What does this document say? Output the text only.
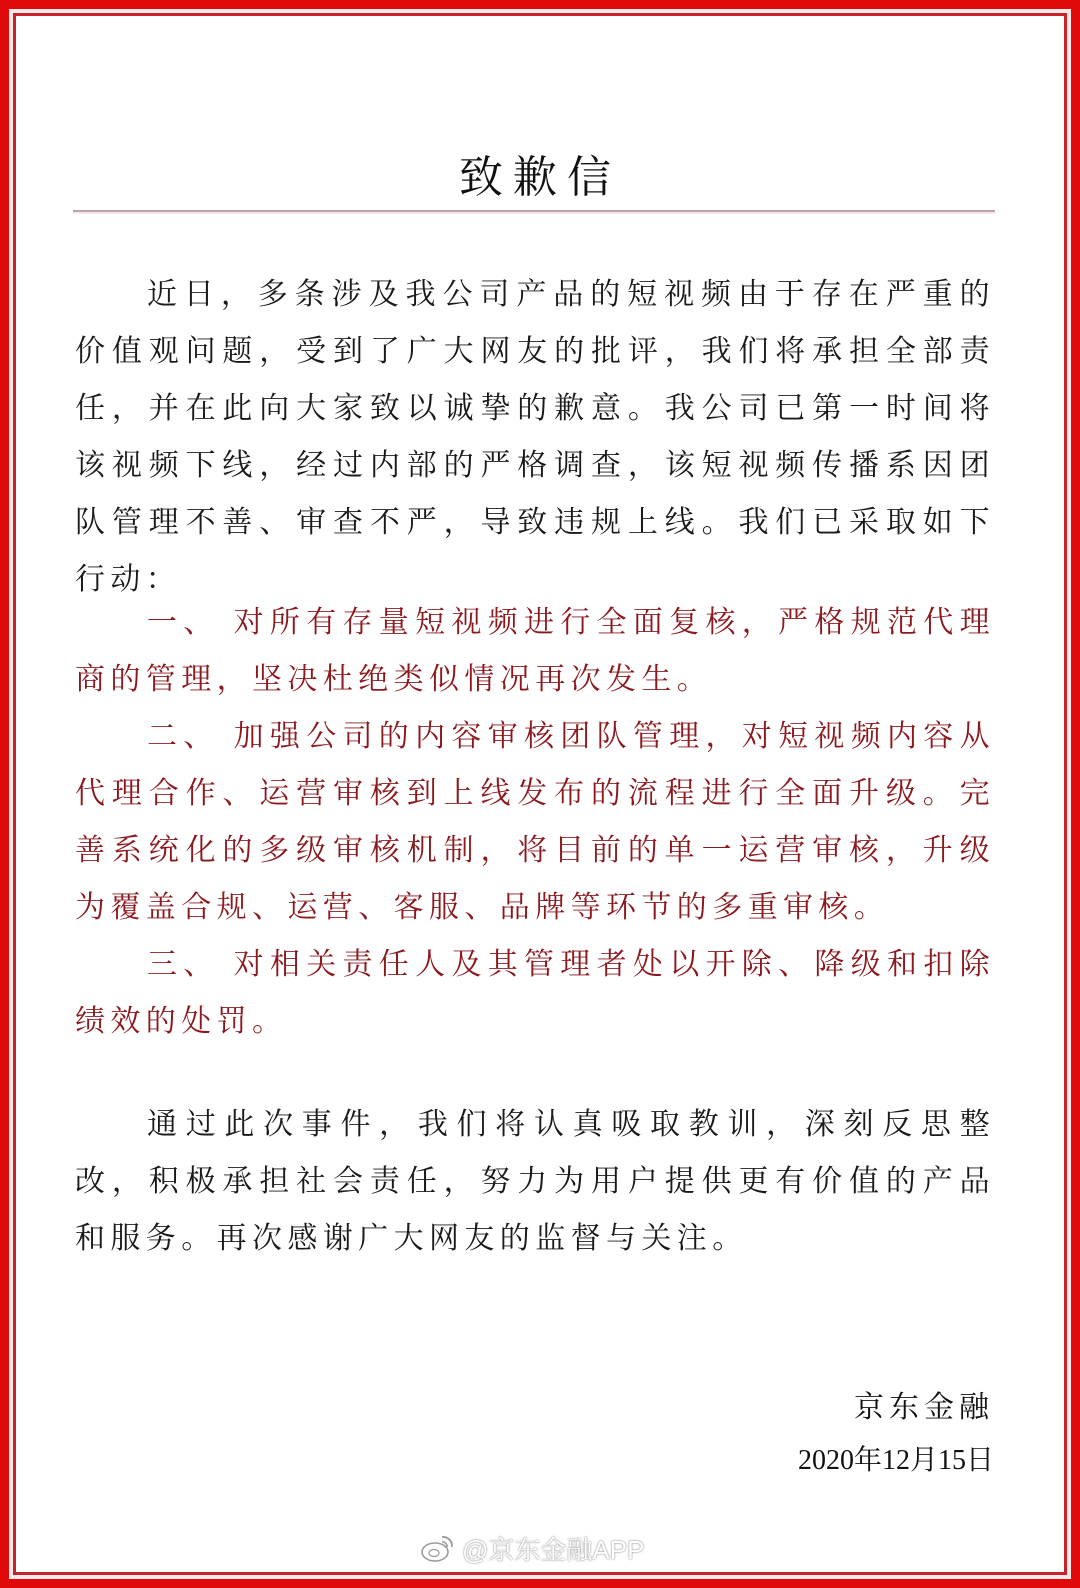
致歉信

近日，多条涉及我公司产品的短视频由于存在严重的价值观问题，受到了广大网友的批评，我们将承担全部责任，并在此向大家致以诚挚的歉意。我公司已第一时间将该视频下线，经过内部的严格调查，该短视频传播系因团队管理不善、审查不严，导致违规上线。我们已采取如下行动：

一、 对所有存量短视频进行全面复核，严格规范代理商的管理，坚决杜绝类似情况再次发生。

二、 加强公司的内容审核团队管理，对短视频内容从代理合作、运营审核到上线发布的流程进行全面升级。完善系统化的多级审核机制，将目前的单一运营审核，升级为覆盖合规、运营、客服、品牌等环节的多重审核。

三、 对相关责任人及其管理者处以开除、降级和扣除绩效的处罚。

通过此次事件，我们将认真吸取教训，深刻反思整改，积极承担社会责任，努力为用户提供更有价值的产品和服务。再次感谢广大网友的监督与关注。

京东金融
2020年12月15日
@京东金融APP
